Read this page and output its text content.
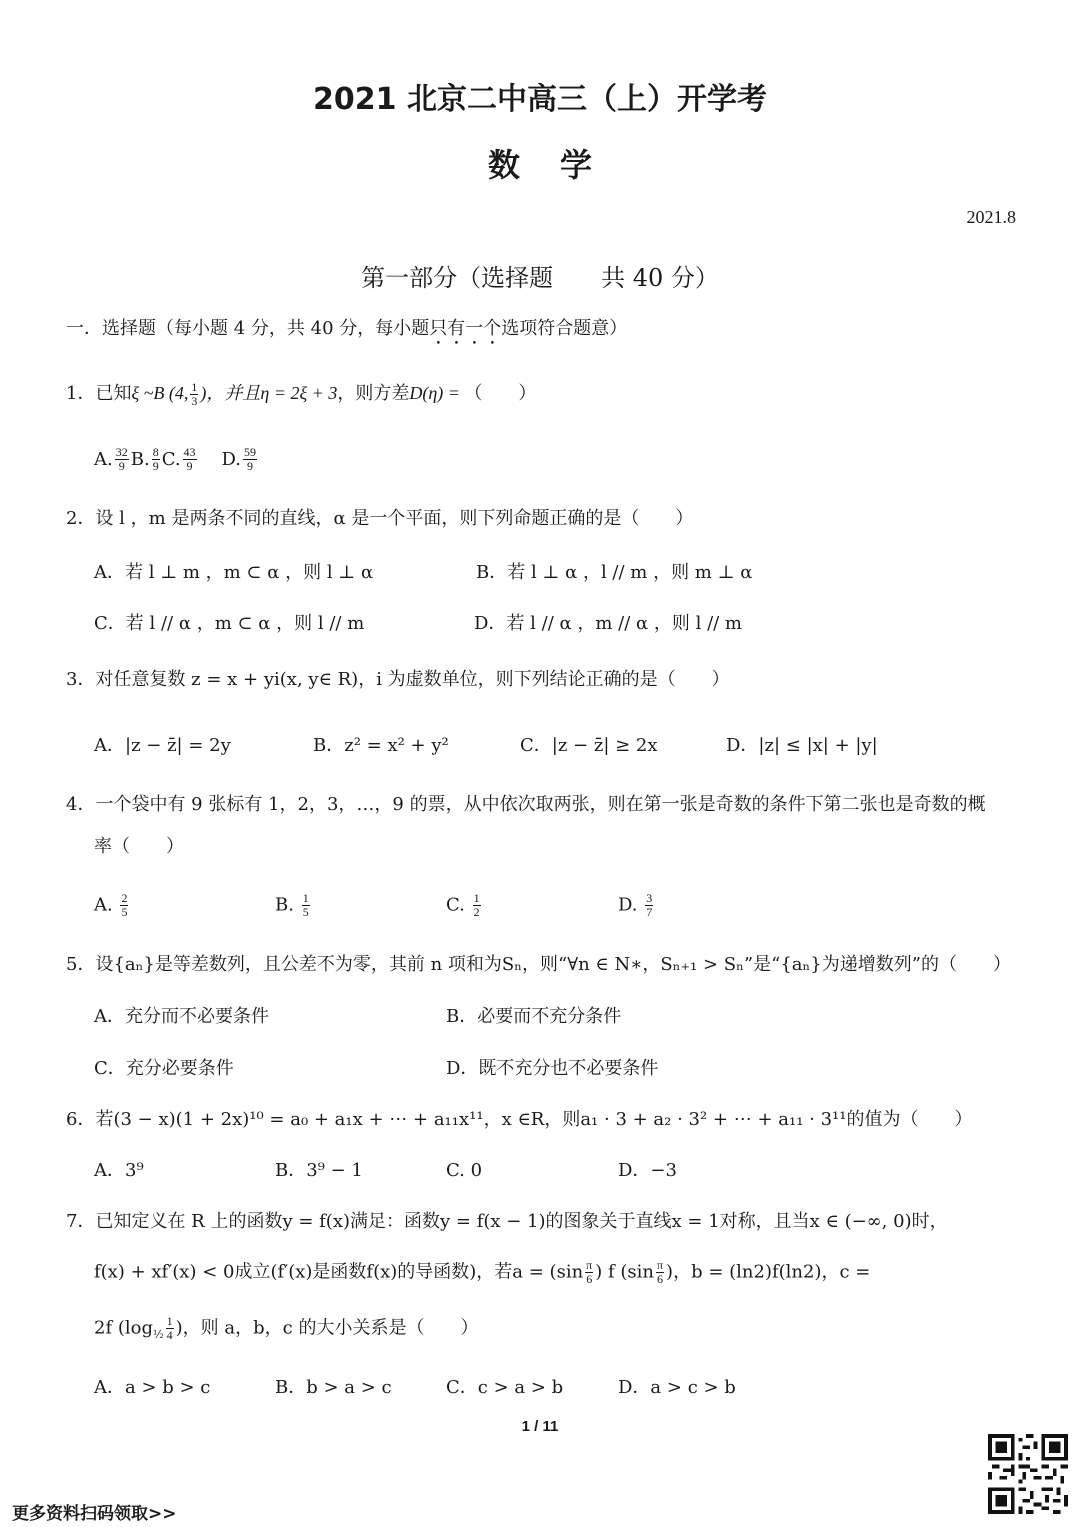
2021 北京二中高三（上）开学考
数学
2021.8
第一部分（选择题　　共 40 分）
一．选择题（每小题 4 分，共 40 分，每小题只有一个选项符合题意）
1．已知ξ ~B (4, $\frac{1}{3}$ )，并且η = 2ξ + 3，则方差D(η) = （　　）
A. $\frac{32}{9} B$. $\frac{8}{9} C$. $\frac{43}{9} D$. $\frac{59}{9}$
2．设 l ，m 是两条不同的直线，α 是一个平面，则下列命题正确的是（　　）
A．若 l ⊥ m ，m ⊂ α ，则 l ⊥ α	B．若 l ⊥ α ，l // m ，则 m ⊥ α
C．若 l // α ，m ⊂ α ，则 l // m	D．若 l // α ，m // α ，则 l // m
3．对任意复数 z = x + yi(x, y∈ R)，i 为虚数单位，则下列结论正确的是（　　）
A．|z − z̄| = 2y	B．z² = x² + y²	C．|z − z̄| ≥ 2x	D．|z| ≤ |x| + |y|
4．一个袋中有 9 张标有 1，2，3，…，9 的票，从中依次取两张，则在第一张是奇数的条件下第二张也是奇数的概
率（　　）
A. $\frac{2}{5}$	B. $\frac{1}{5}$	C. $\frac{1}{2}$	D. $\frac{3}{7}$
5．设{aₙ}是等差数列，且公差不为零，其前 n 项和为Sₙ，则“∀n ∈ N∗，Sₙ₊₁ > Sₙ”是“{aₙ}为递增数列”的（　　）
A．充分而不必要条件	B．必要而不充分条件
C．充分必要条件	D．既不充分也不必要条件
6．若(3 − x)(1 + 2x)¹⁰ = a₀ + a₁x + ⋯ + a₁₁x¹¹，x ∈R，则a₁ · 3 + a₂ · 3² + ⋯ + a₁₁ · 3¹¹的值为（　　）
A．3⁹	B．3⁹ − 1	C. 0	D．−3
7．已知定义在 R 上的函数y = f(x)满足：函数y = f(x − 1)的图象关于直线x = 1对称，且当x ∈ (−∞, 0)时，
f(x) + xf′(x) < 0成立(f′(x)是函数f(x)的导函数)，若$a = (\sin \frac{\pi}{6}$ ) f ($\sin \frac{\pi}{6}$ )，b = (ln2)f(ln2)，c =
2f ($\log_{\frac{1}{2}} \frac{1}{4}$ )，则 a，b，c 的大小关系是（　　）
A．a > b > c	B．b > a > c	C．c > a > b	D．a > c > b
1 / 11
更多资料扫码领取>>
